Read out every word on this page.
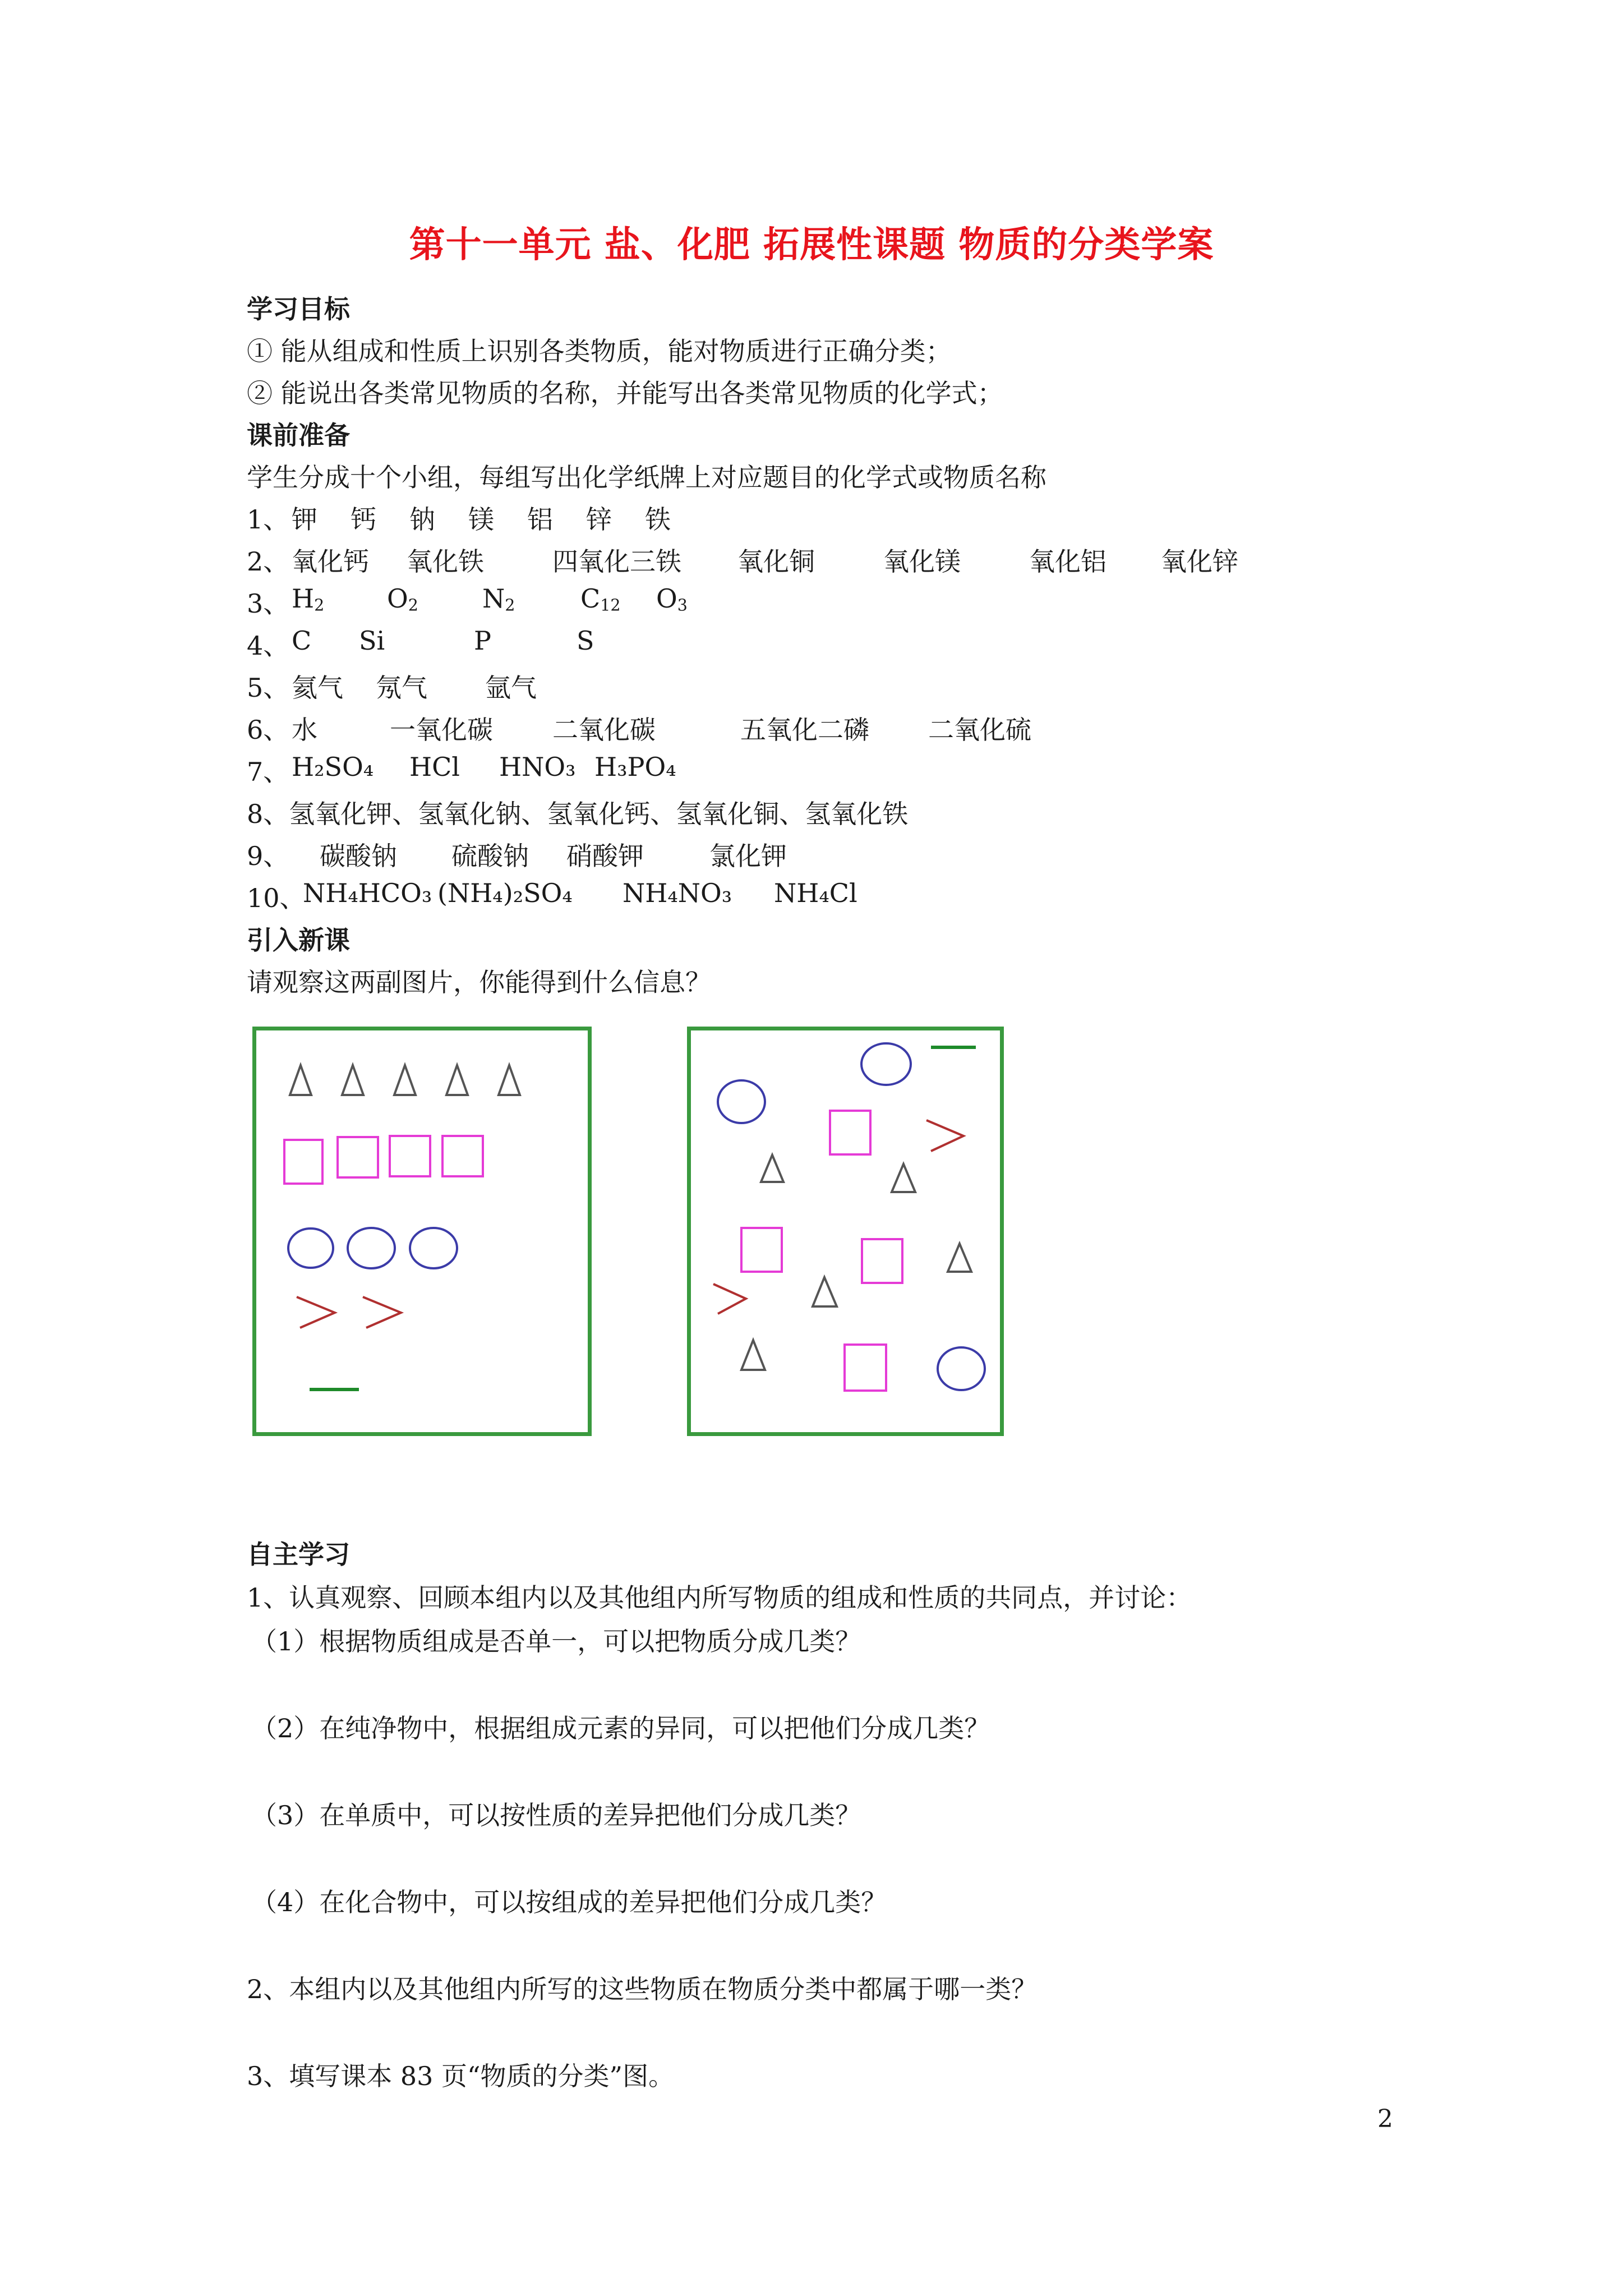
第十一单元 盐、化肥 拓展性课题 物质的分类学案
学习目标
① 能从组成和性质上识别各类物质，能对物质进行正确分类；
② 能说出各类常见物质的名称，并能写出各类常见物质的化学式；
课前准备
学生分成十个小组，每组写出化学纸牌上对应题目的化学式或物质名称
1、 钾 钙 钠 镁 铝 锌 铁
2、 氧化钙 氧化铁	四氧化三铁 氧化铜	氧化镁	氧化铝 氧化锌
3、 $H_2$ $O_2$ $N_2$	$C_{12}$ $O_3$
4、 C Si	P	S
5、 氦气 氖气 氩气
6、 水	一氧化碳 二氧化碳	五氧化二磷 二氧化硫
7、 H₂SO₄ HCl HNO₃ H₃PO₄
8、氢氧化钾、氢氧化钠、氢氧化钙、氢氧化铜、氢氧化铁
9、 碳酸钠 硫酸钠 硝酸钾	氯化钾
10、
NH₄HCO₃ (NH₄)₂SO₄ NH₄NO₃ NH₄Cl
引入新课
请观察这两副图片，你能得到什么信息？
自主学习
1、认真观察、回顾本组内以及其他组内所写物质的组成和性质的共同点，并讨论：
（1）根据物质组成是否单一，可以把物质分成几类？
（2）在纯净物中，根据组成元素的异同，可以把他们分成几类？
（3）在单质中，可以按性质的差异把他们分成几类？
（4）在化合物中，可以按组成的差异把他们分成几类？
2、本组内以及其他组内所写的这些物质在物质分类中都属于哪一类？
3、填写课本 83 页“物质的分类”图。
2
